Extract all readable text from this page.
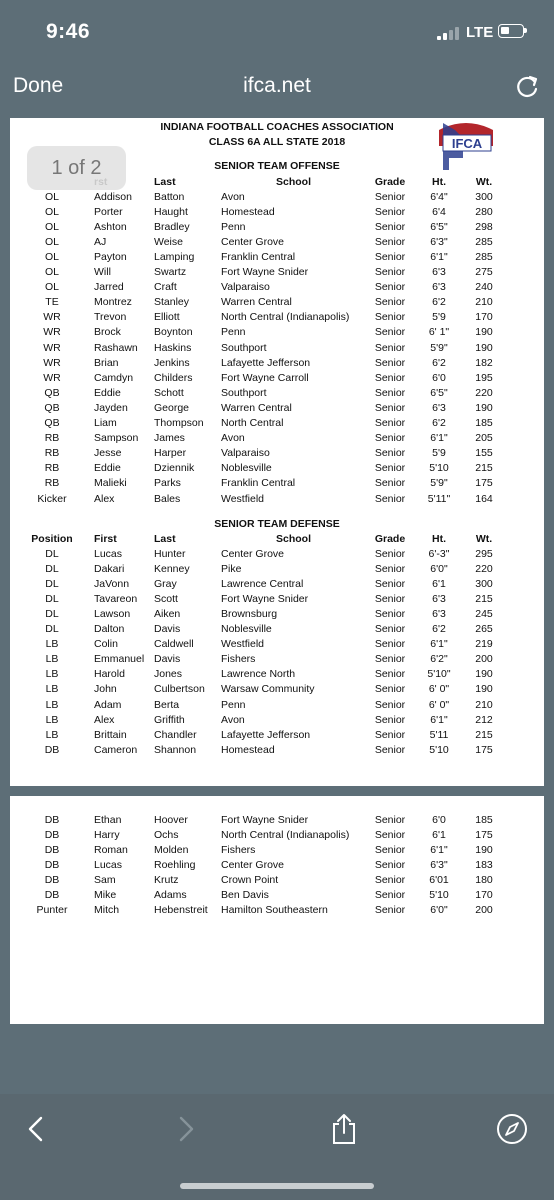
9:46	LTE
Done	ifca.net
INDIANA FOOTBALL COACHES ASSOCIATION
CLASS 6A ALL STATE 2018	IFCA
SENIOR TEAM OFFENSE
		Last	School	Grade	Ht.	Wt.
OL	Addison	Batton	Avon	Senior	6'4"	300
OL	Porter	Haught	Homestead	Senior	6'4	280
OL	Ashton	Bradley	Penn	Senior	6'5"	298
OL	AJ	Weise	Center Grove	Senior	6'3"	285
OL	Payton	Lamping	Franklin Central	Senior	6'1"	285
OL	Will	Swartz	Fort Wayne Snider	Senior	6'3	275
OL	Jarred	Craft	Valparaiso	Senior	6'3	240
TE	Montrez	Stanley	Warren Central	Senior	6'2	210
WR	Trevon	Elliott	North Central (Indianapolis)	Senior	5'9	170
WR	Brock	Boynton	Penn	Senior	6' 1"	190
WR	Rashawn	Haskins	Southport	Senior	5'9"	190
WR	Brian	Jenkins	Lafayette Jefferson	Senior	6'2	182
WR	Camdyn	Childers	Fort Wayne Carroll	Senior	6'0	195
QB	Eddie	Schott	Southport	Senior	6'5"	220
QB	Jayden	George	Warren Central	Senior	6'3	190
QB	Liam	Thompson	North Central	Senior	6'2	185
RB	Sampson	James	Avon	Senior	6'1"	205
RB	Jesse	Harper	Valparaiso	Senior	5'9	155
RB	Eddie	Dziennik	Noblesville	Senior	5'10	215
RB	Malieki	Parks	Franklin Central	Senior	5'9"	175
Kicker	Alex	Bales	Westfield	Senior	5'11"	164
SENIOR TEAM DEFENSE
Position	First	Last	School	Grade	Ht.	Wt.
DL	Lucas	Hunter	Center Grove	Senior	6'-3"	295
DL	Dakari	Kenney	Pike	Senior	6'0"	220
DL	JaVonn	Gray	Lawrence Central	Senior	6'1	300
DL	Tavareon	Scott	Fort Wayne Snider	Senior	6'3	215
DL	Lawson	Aiken	Brownsburg	Senior	6'3	245
DL	Dalton	Davis	Noblesville	Senior	6'2	265
LB	Colin	Caldwell	Westfield	Senior	6'1"	219
LB	Emmanuel	Davis	Fishers	Senior	6'2"	200
LB	Harold	Jones	Lawrence North	Senior	5'10"	190
LB	John	Culbertson	Warsaw Community	Senior	6' 0"	190
LB	Adam	Berta	Penn	Senior	6' 0"	210
LB	Alex	Griffith	Avon	Senior	6'1"	212
LB	Brittain	Chandler	Lafayette Jefferson	Senior	5'11	215
DB	Cameron	Shannon	Homestead	Senior	5'10	175
1 of 2
DB	Ethan	Hoover	Fort Wayne Snider	Senior	6'0	185
DB	Harry	Ochs	North Central (Indianapolis)	Senior	6'1	175
DB	Roman	Molden	Fishers	Senior	6'1"	190
DB	Lucas	Roehling	Center Grove	Senior	6'3"	183
DB	Sam	Krutz	Crown Point	Senior	6'01	180
DB	Mike	Adams	Ben Davis	Senior	5'10	170
Punter	Mitch	Hebenstreit	Hamilton Southeastern	Senior	6'0"	200
